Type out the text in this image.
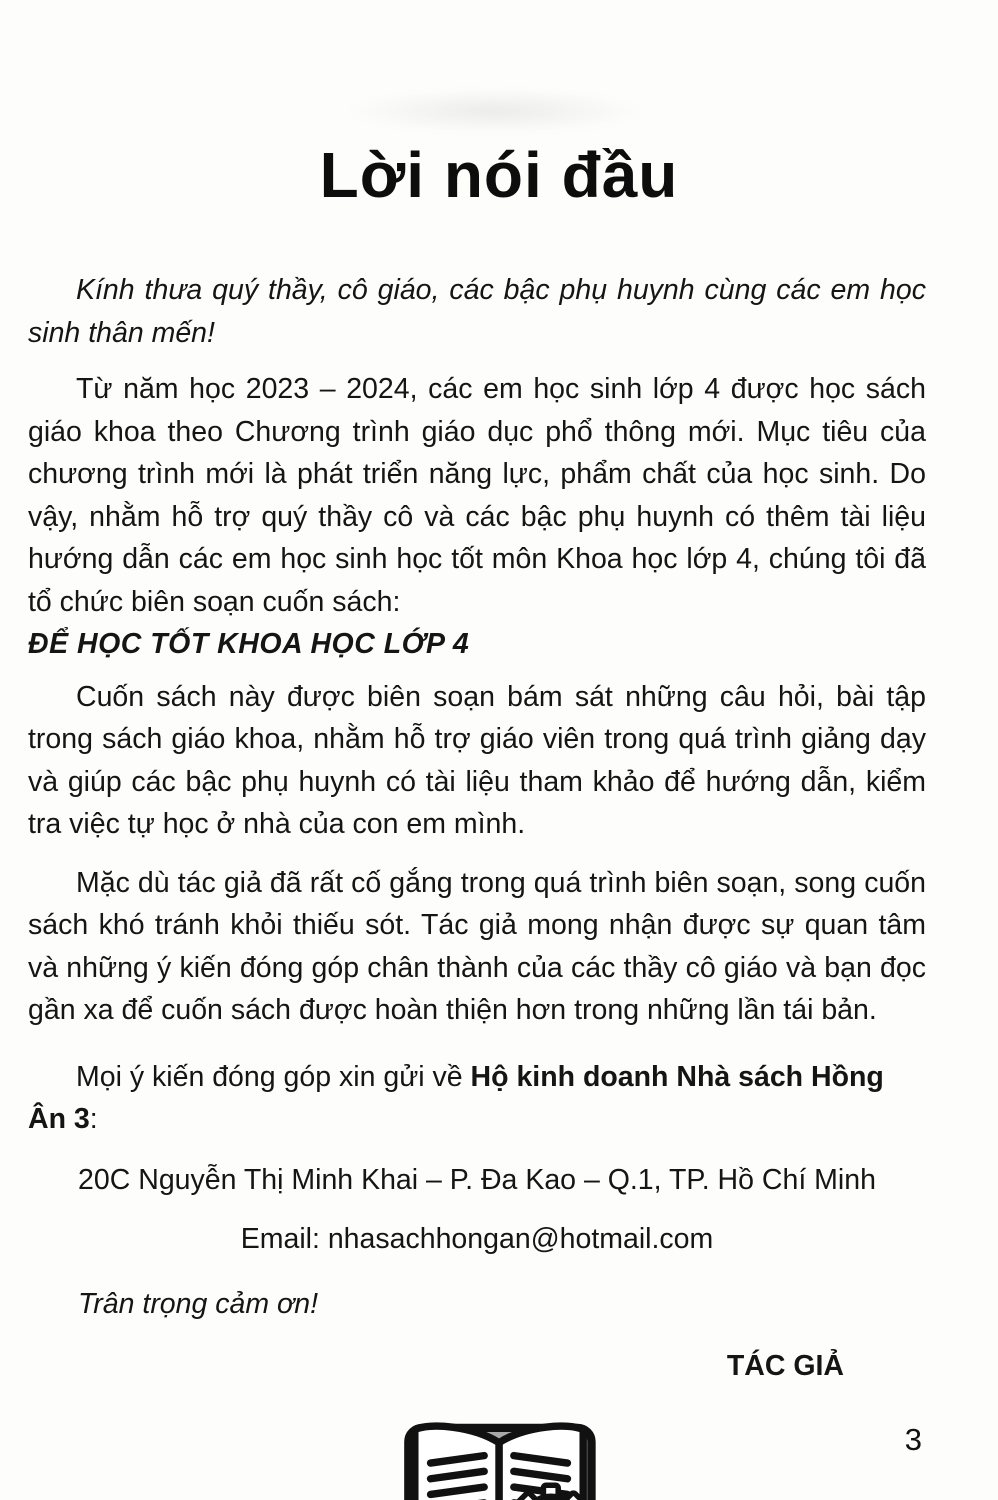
Lời nói đầu

Kính thưa quý thầy, cô giáo, các bậc phụ huynh cùng các em học sinh thân mến!

Từ năm học 2023 – 2024, các em học sinh lớp 4 được học sách giáo khoa theo Chương trình giáo dục phổ thông mới. Mục tiêu của chương trình mới là phát triển năng lực, phẩm chất của học sinh. Do vậy, nhằm hỗ trợ quý thầy cô và các bậc phụ huynh có thêm tài liệu hướng dẫn các em học sinh học tốt môn Khoa học lớp 4, chúng tôi đã tổ chức biên soạn cuốn sách:

ĐỂ HỌC TỐT KHOA HỌC LỚP 4

Cuốn sách này được biên soạn bám sát những câu hỏi, bài tập trong sách giáo khoa, nhằm hỗ trợ giáo viên trong quá trình giảng dạy và giúp các bậc phụ huynh có tài liệu tham khảo để hướng dẫn, kiểm tra việc tự học ở nhà của con em mình.

Mặc dù tác giả đã rất cố gắng trong quá trình biên soạn, song cuốn sách khó tránh khỏi thiếu sót. Tác giả mong nhận được sự quan tâm và những ý kiến đóng góp chân thành của các thầy cô giáo và bạn đọc gần xa để cuốn sách được hoàn thiện hơn trong những lần tái bản.

Mọi ý kiến đóng góp xin gửi về Hộ kinh doanh Nhà sách Hồng Ân 3:

20C Nguyễn Thị Minh Khai – P. Đa Kao – Q.1, TP. Hồ Chí Minh

Email: nhasachhongan@hotmail.com

Trân trọng cảm ơn!

TÁC GIẢ

3
